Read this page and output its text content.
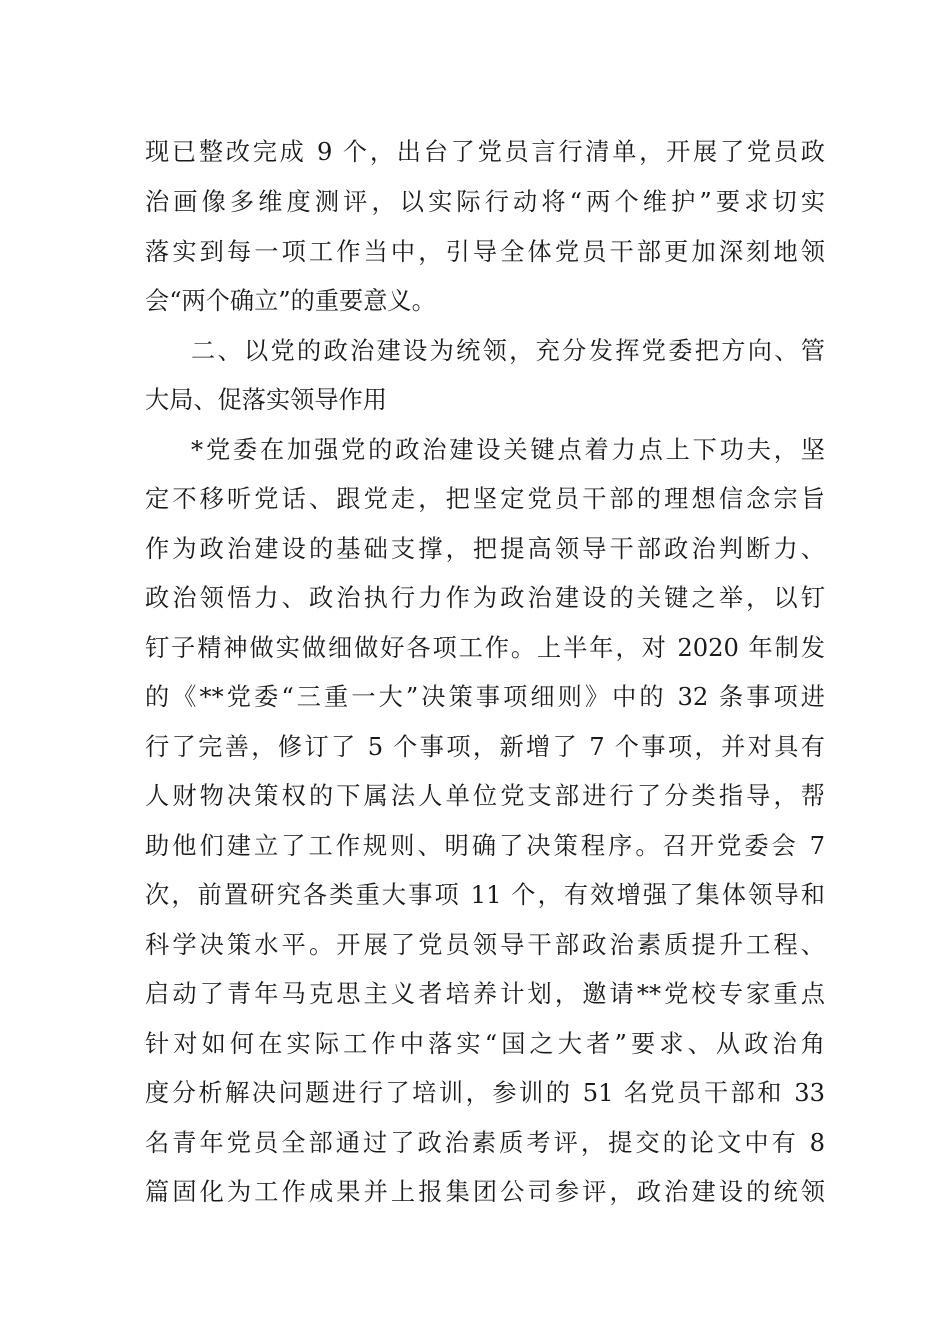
现已整改完成 9 个，出台了党员言行清单，开展了党员政
治画像多维度测评，以实际行动将“两个维护”要求切实
落实到每一项工作当中，引导全体党员干部更加深刻地领
会“两个确立”的重要意义。
二、以党的政治建设为统领，充分发挥党委把方向、管
大局、促落实领导作用
*党委在加强党的政治建设关键点着力点上下功夫，坚
定不移听党话、跟党走，把坚定党员干部的理想信念宗旨
作为政治建设的基础支撑，把提高领导干部政治判断力、
政治领悟力、政治执行力作为政治建设的关键之举，以钉
钉子精神做实做细做好各项工作。上半年，对 2020 年制发
的《**党委“三重一大”决策事项细则》中的 32 条事项进
行了完善，修订了 5 个事项，新增了 7 个事项，并对具有
人财物决策权的下属法人单位党支部进行了分类指导，帮
助他们建立了工作规则、明确了决策程序。召开党委会 7
次，前置研究各类重大事项 11 个，有效增强了集体领导和
科学决策水平。开展了党员领导干部政治素质提升工程、
启动了青年马克思主义者培养计划，邀请**党校专家重点
针对如何在实际工作中落实“国之大者”要求、从政治角
度分析解决问题进行了培训，参训的 51 名党员干部和 33
名青年党员全部通过了政治素质考评，提交的论文中有 8
篇固化为工作成果并上报集团公司参评，政治建设的统领
